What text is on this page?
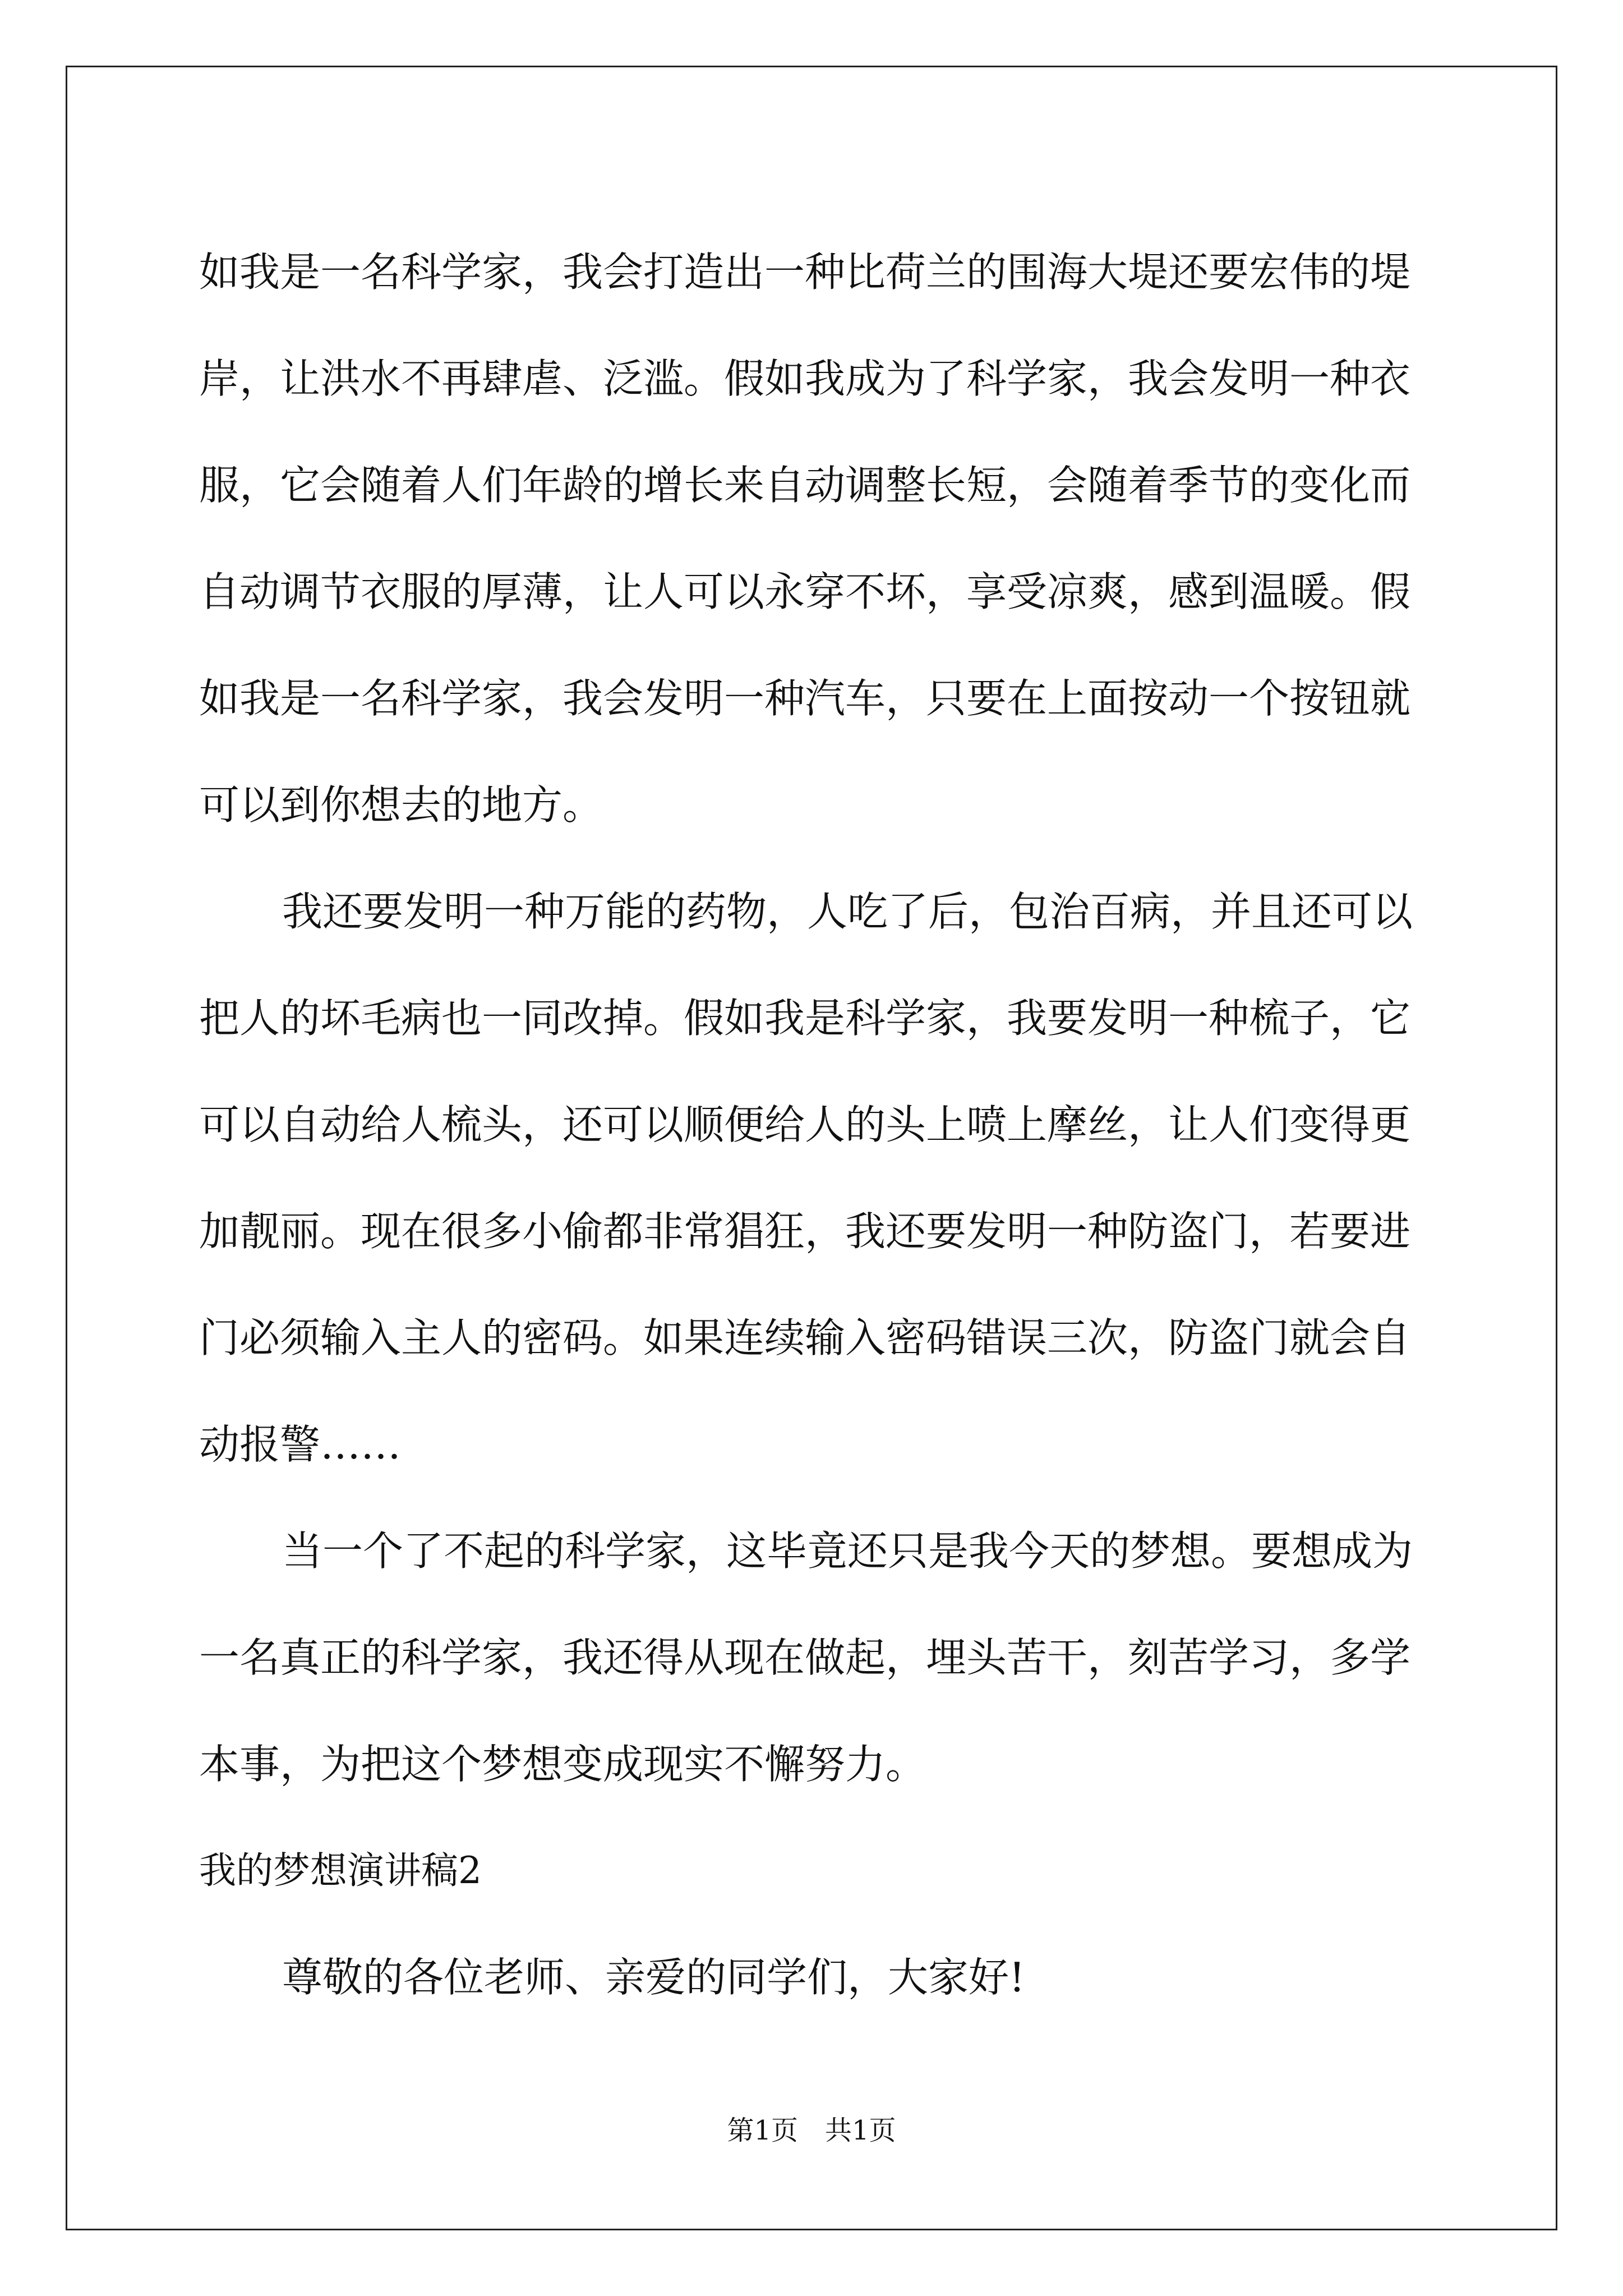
如我是一名科学家，我会打造出一种比荷兰的围海大堤还要宏伟的堤
岸，让洪水不再肆虐、泛滥。假如我成为了科学家，我会发明一种衣
服，它会随着人们年龄的增长来自动调整长短，会随着季节的变化而
自动调节衣服的厚薄，让人可以永穿不坏，享受凉爽，感到温暖。假
如我是一名科学家，我会发明一种汽车，只要在上面按动一个按钮就
可以到你想去的地方。
我还要发明一种万能的药物，人吃了后，包治百病，并且还可以
把人的坏毛病也一同改掉。假如我是科学家，我要发明一种梳子，它
可以自动给人梳头，还可以顺便给人的头上喷上摩丝，让人们变得更
加靓丽。现在很多小偷都非常猖狂，我还要发明一种防盗门，若要进
门必须输入主人的密码。如果连续输入密码错误三次，防盗门就会自
动报警……
当一个了不起的科学家，这毕竟还只是我今天的梦想。要想成为
一名真正的科学家，我还得从现在做起，埋头苦干，刻苦学习，多学
本事，为把这个梦想变成现实不懈努力。
我的梦想演讲稿2
尊敬的各位老师、亲爱的同学们，大家好!
第1页　共1页
